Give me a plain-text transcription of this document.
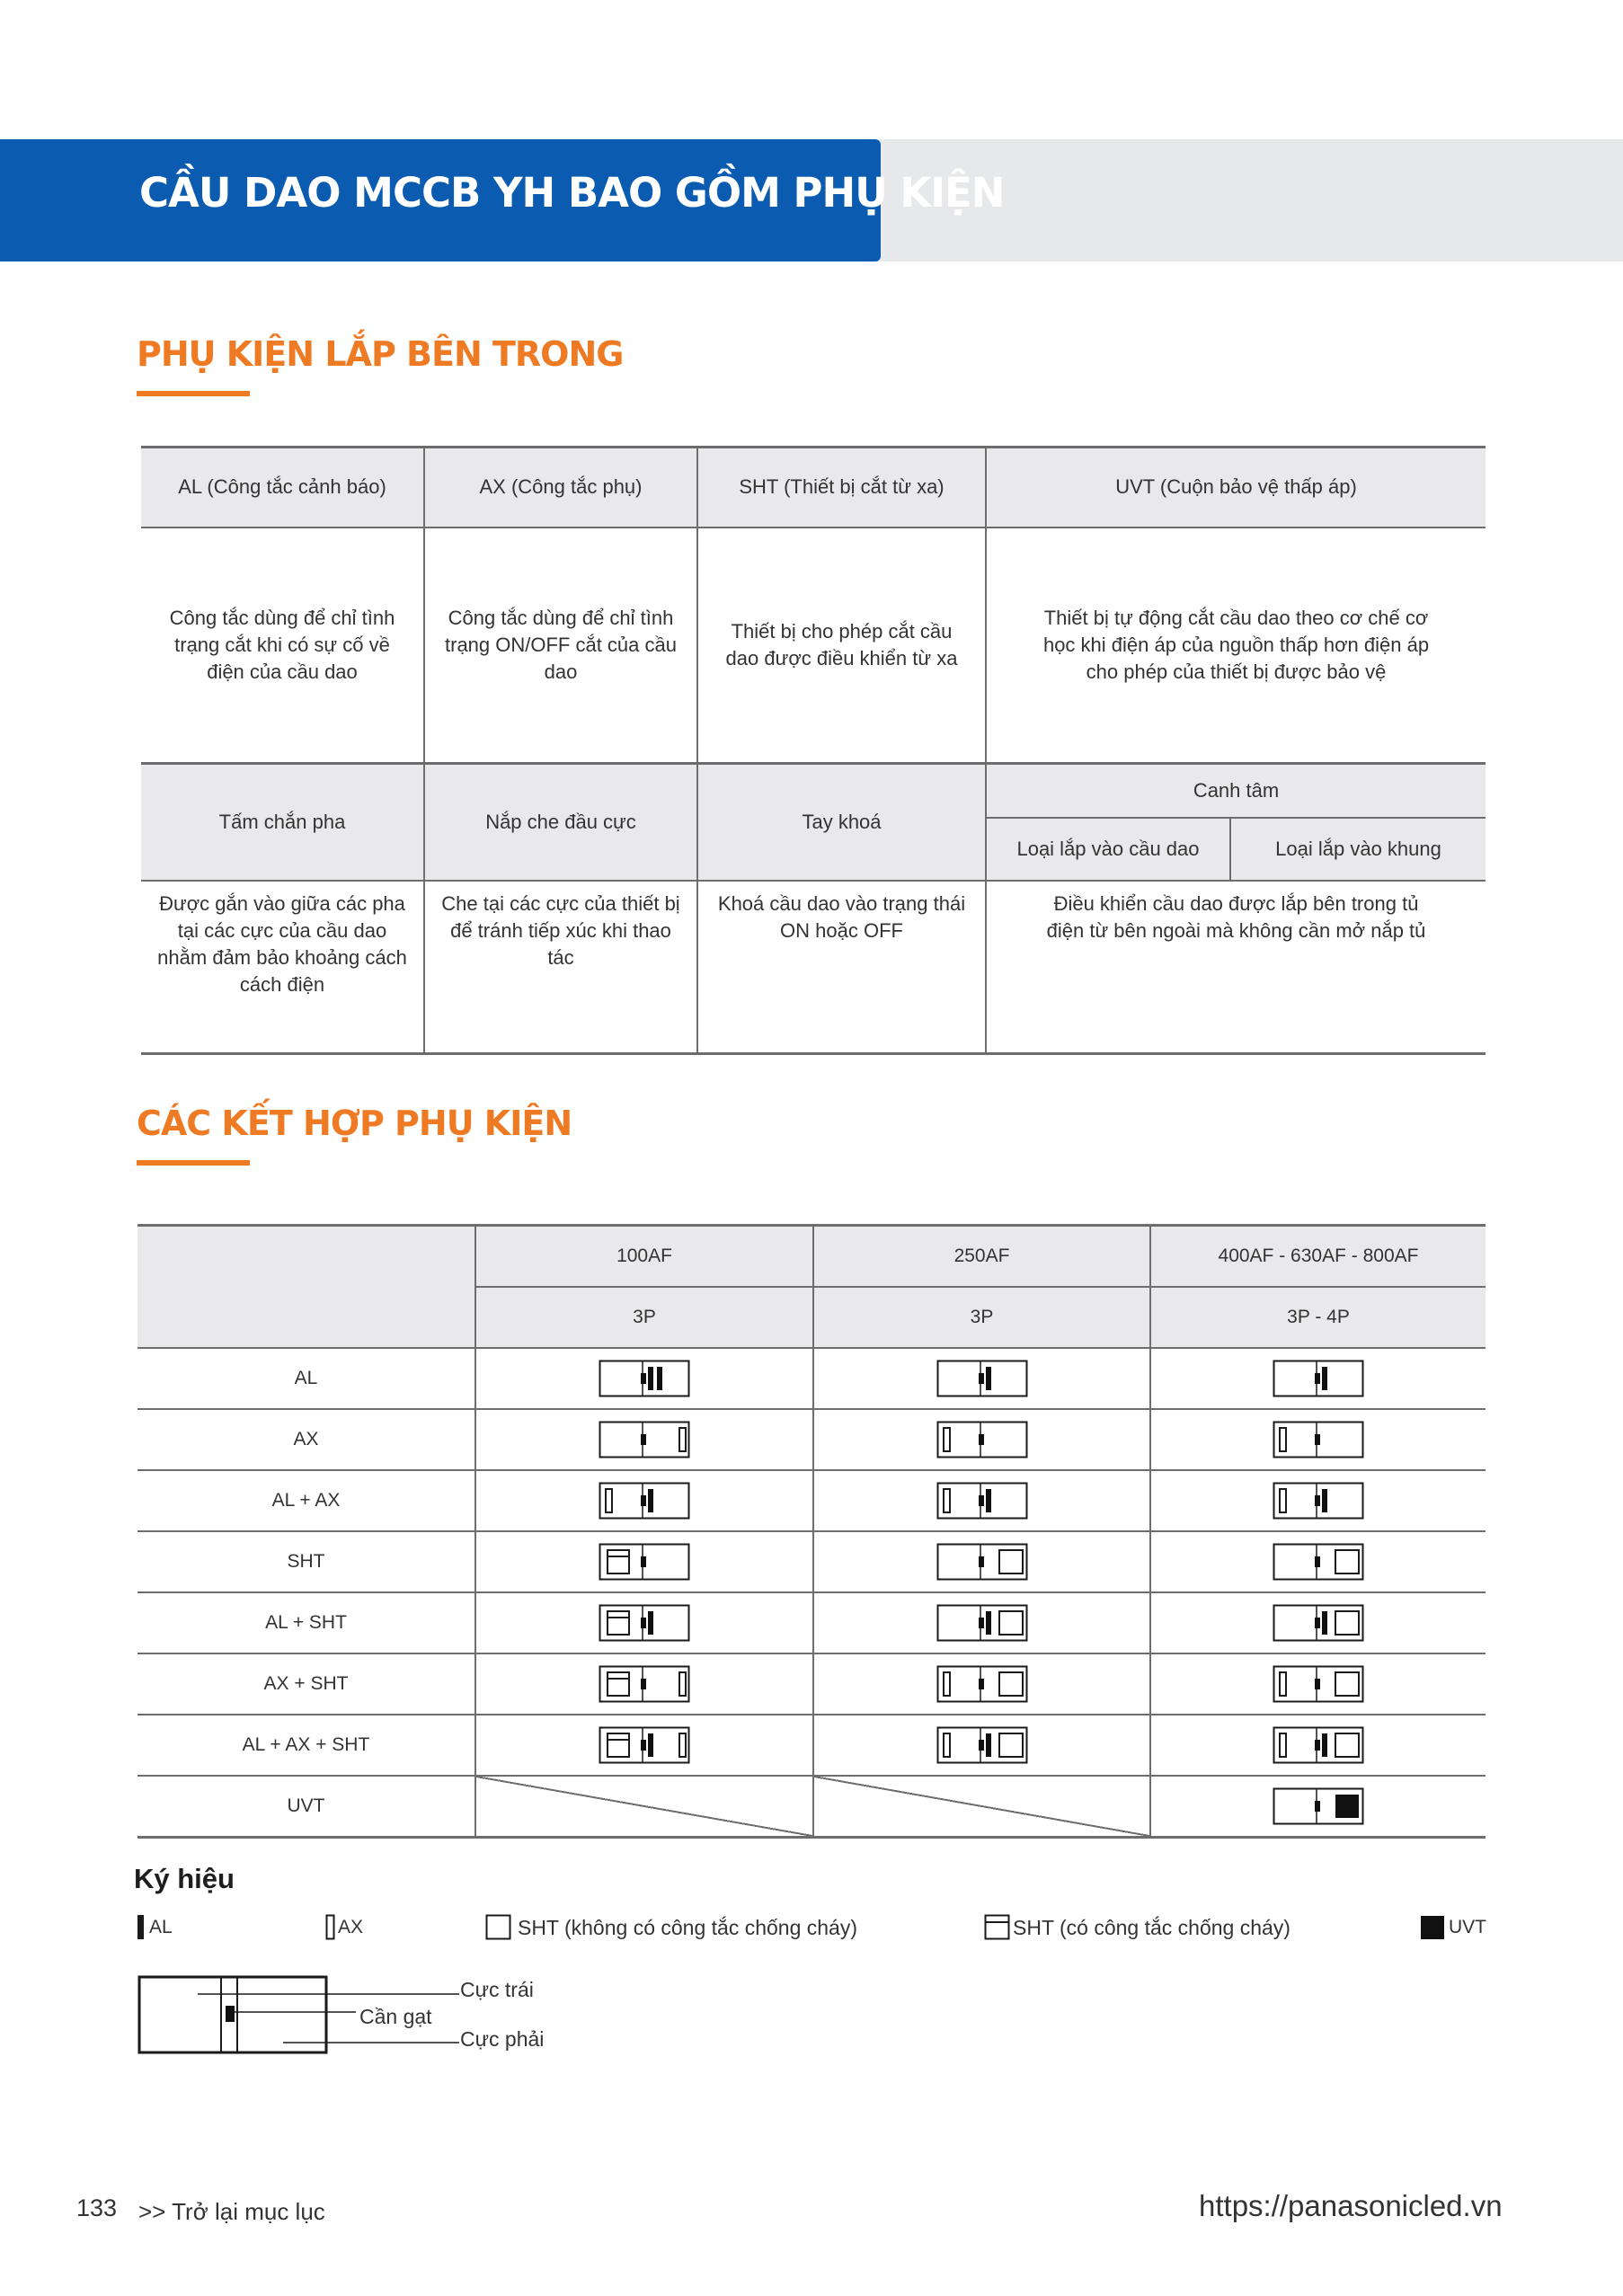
CẦU DAO MCCB YH BAO GỒM PHỤ KIỆN
PHỤ KIỆN LẮP BÊN TRONG
AL (Công tắc cảnh báo)	AX (Công tắc phụ)	SHT (Thiết bị cắt từ xa)	UVT (Cuộn bảo vệ thấp áp)	
Công tắc dùng để chỉ tình trạng cắt khi có sự cố về điện của cầu dao	Công tắc dùng để chỉ tình trạng ON/OFF cắt của cầu dao	Thiết bị cho phép cắt cầu dao được điều khiển từ xa	Thiết bị tự động cắt cầu dao theo cơ chế cơ học khi điện áp của nguồn thấp hơn điện áp cho phép của thiết bị được bảo vệ	
Tấm chắn pha	Nắp che đầu cực	Tay khoá	Canh tâm	
			Loại lắp vào cầu dao	Loại lắp vào khung
Được gắn vào giữa các pha tại các cực của cầu dao nhằm đảm bảo khoảng cách cách điện	Che tại các cực của thiết bị để tránh tiếp xúc khi thao tác	Khoá cầu dao vào trạng thái ON hoặc OFF	Điều khiển cầu dao được lắp bên trong tủ điện từ bên ngoài mà không cần mở nắp tủ	
CÁC KẾT HỢP PHỤ KIỆN
	100AF	250AF	400AF - 630AF - 800AF
	3P	3P	3P - 4P
AL			
AX			
AL + AX			
SHT			
AL + SHT			
AX + SHT			
AL + AX + SHT			
UVT			
Ký hiệu
AL	AX	SHT (không có công tắc chống cháy)	SHT (có công tắc chống cháy)	UVT
Cực trái
Cần gạt
Cực phải
133 >> Trở lại mục lục	https://panasonicled.vn
